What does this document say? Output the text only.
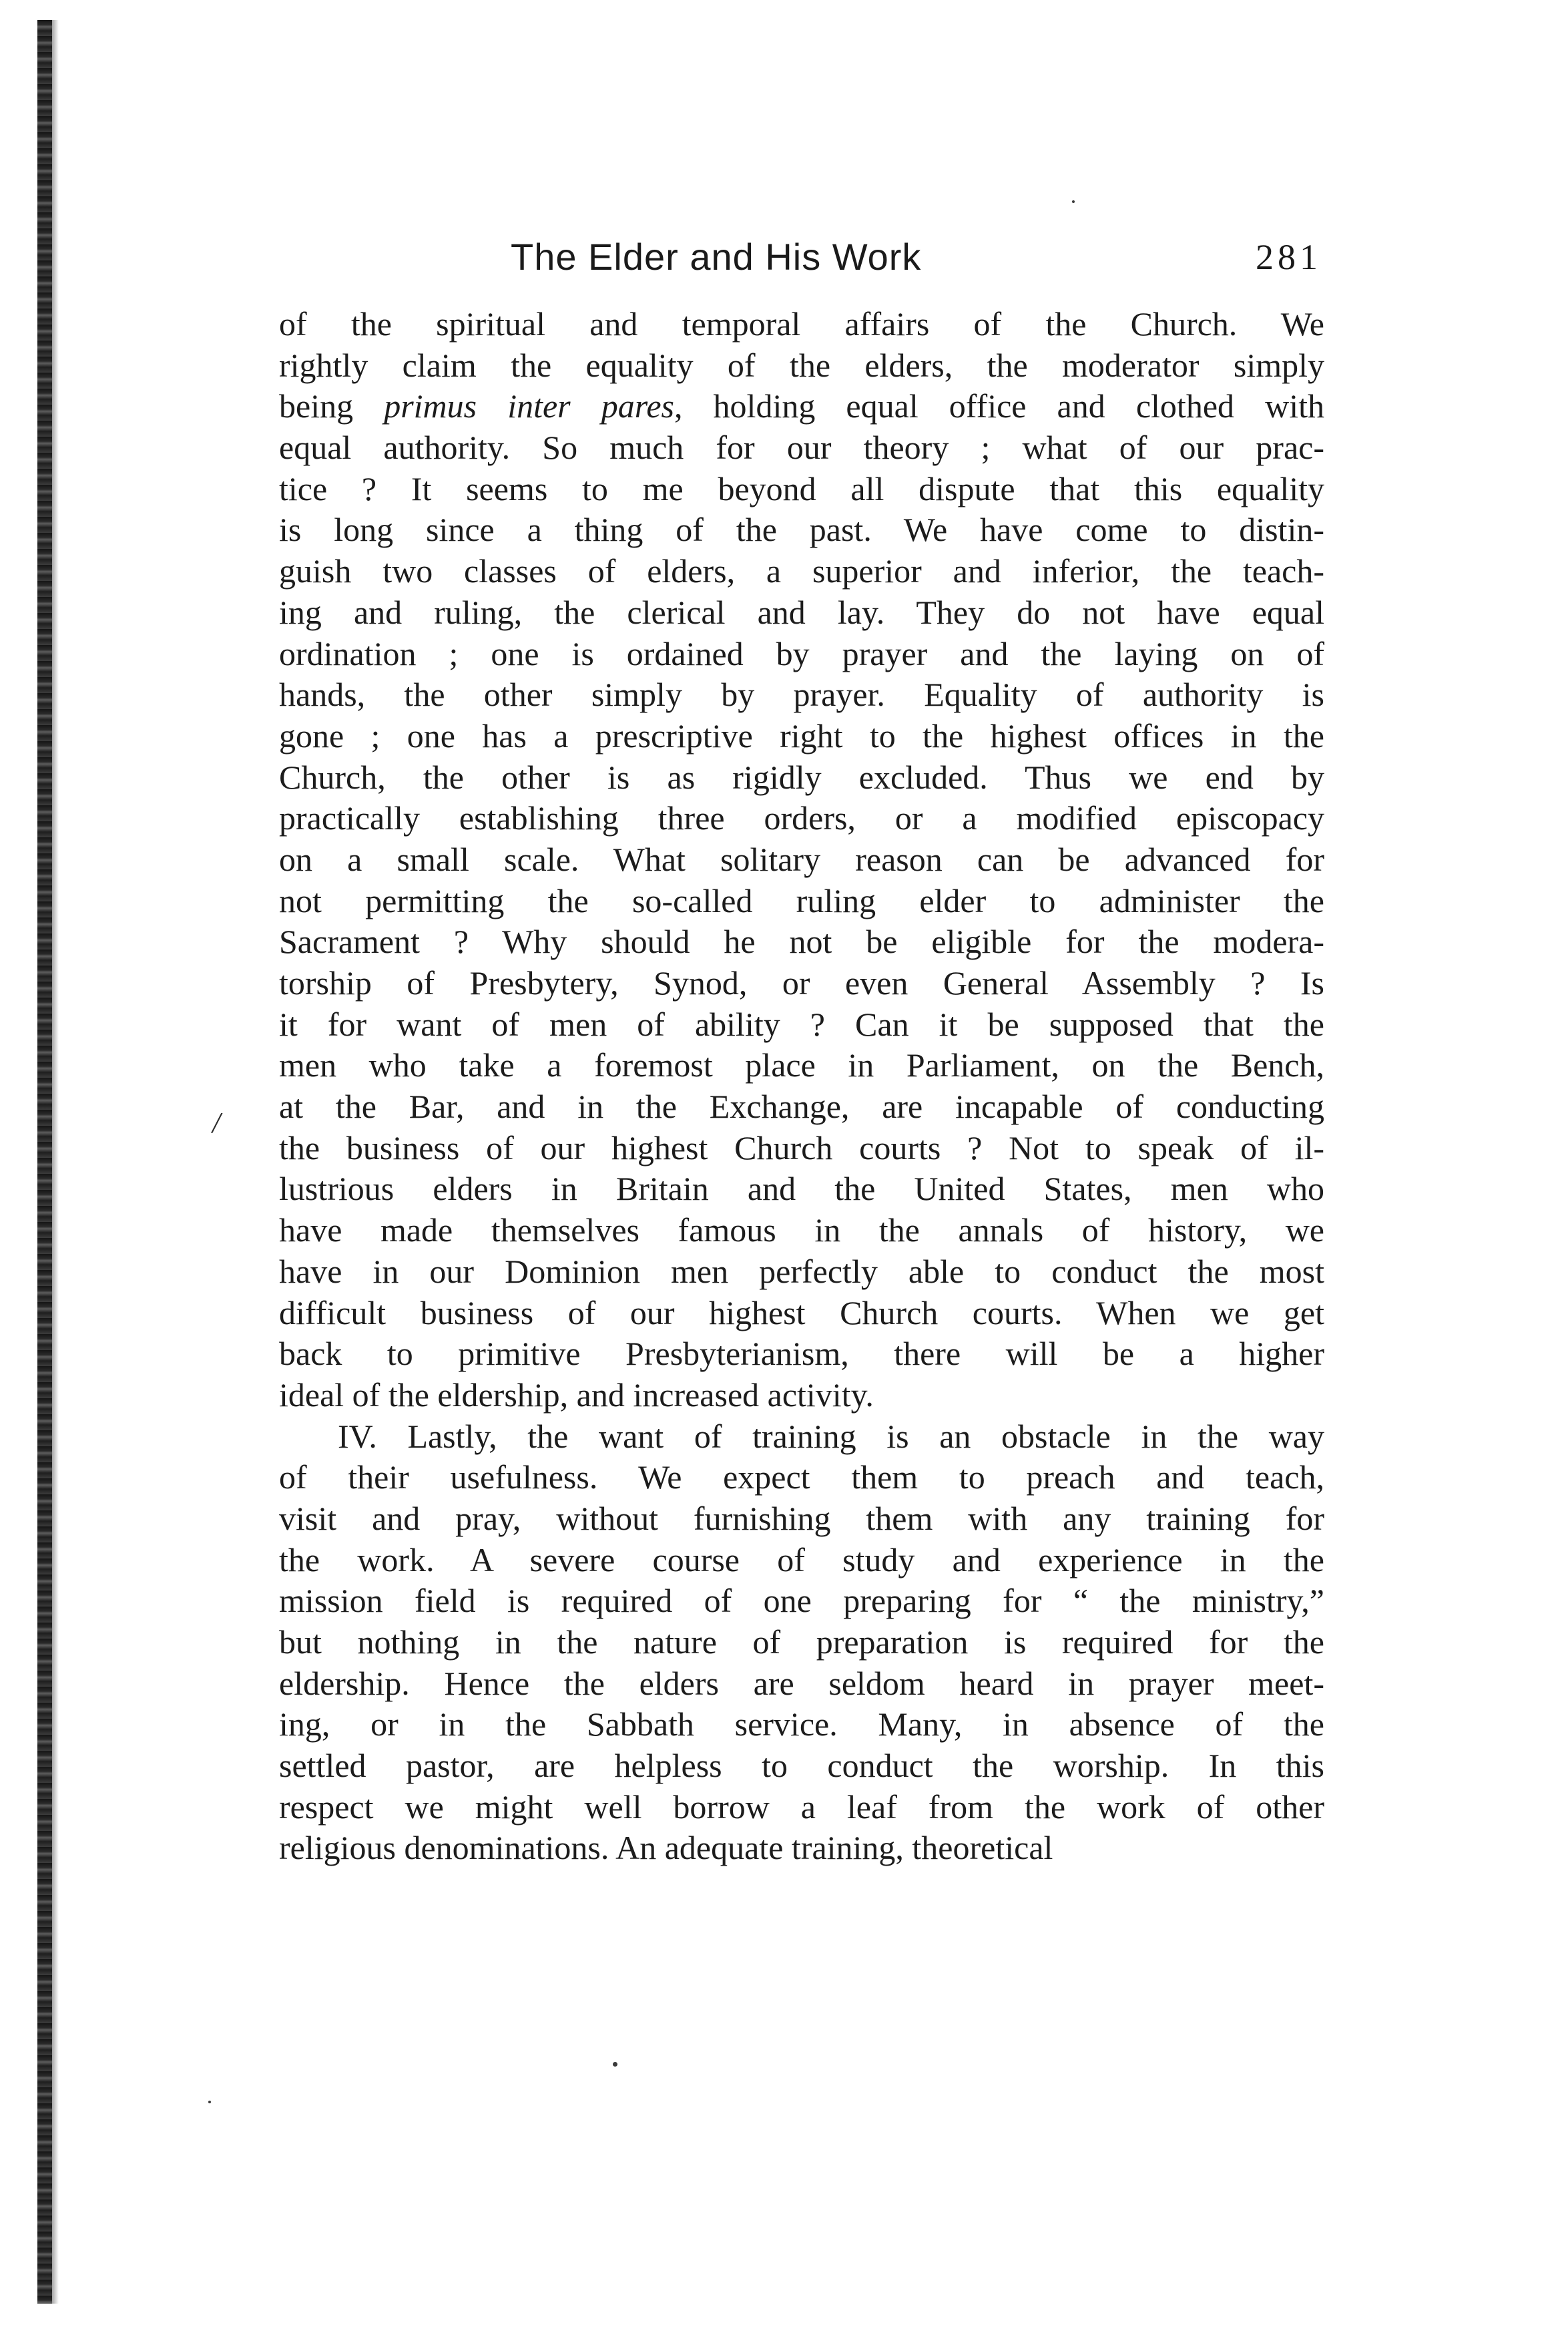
The Elder and His Work	281
/
of the spiritual and temporal affairs of the Church. We
rightly claim the equality of the elders, the moderator simply
being primus inter pares, holding equal office and clothed with
equal authority. So much for our theory ; what of our prac-
tice ? It seems to me beyond all dispute that this equality
is long since a thing of the past. We have come to distin-
guish two classes of elders, a superior and inferior, the teach-
ing and ruling, the clerical and lay. They do not have equal
ordination ; one is ordained by prayer and the laying on of
hands, the other simply by prayer. Equality of authority is
gone ; one has a prescriptive right to the highest offices in the
Church, the other is as rigidly excluded. Thus we end by
practically establishing three orders, or a modified episcopacy
on a small scale. What solitary reason can be advanced for
not permitting the so-called ruling elder to administer the
Sacrament ? Why should he not be eligible for the modera-
torship of Presbytery, Synod, or even General Assembly ? Is
it for want of men of ability ? Can it be supposed that the
men who take a foremost place in Parliament, on the Bench,
at the Bar, and in the Exchange, are incapable of conducting
the business of our highest Church courts ? Not to speak of il-
lustrious elders in Britain and the United States, men who
have made themselves famous in the annals of history, we
have in our Dominion men perfectly able to conduct the most
difficult business of our highest Church courts. When we get
back to primitive Presbyterianism, there will be a higher
ideal of the eldership, and increased activity.
IV. Lastly, the want of training is an obstacle in the way
of their usefulness. We expect them to preach and teach,
visit and pray, without furnishing them with any training for
the work. A severe course of study and experience in the
mission field is required of one preparing for “ the ministry,”
but nothing in the nature of preparation is required for the
eldership. Hence the elders are seldom heard in prayer meet-
ing, or in the Sabbath service. Many, in absence of the
settled pastor, are helpless to conduct the worship. In this
respect we might well borrow a leaf from the work of other
religious denominations. An adequate training, theoretical
